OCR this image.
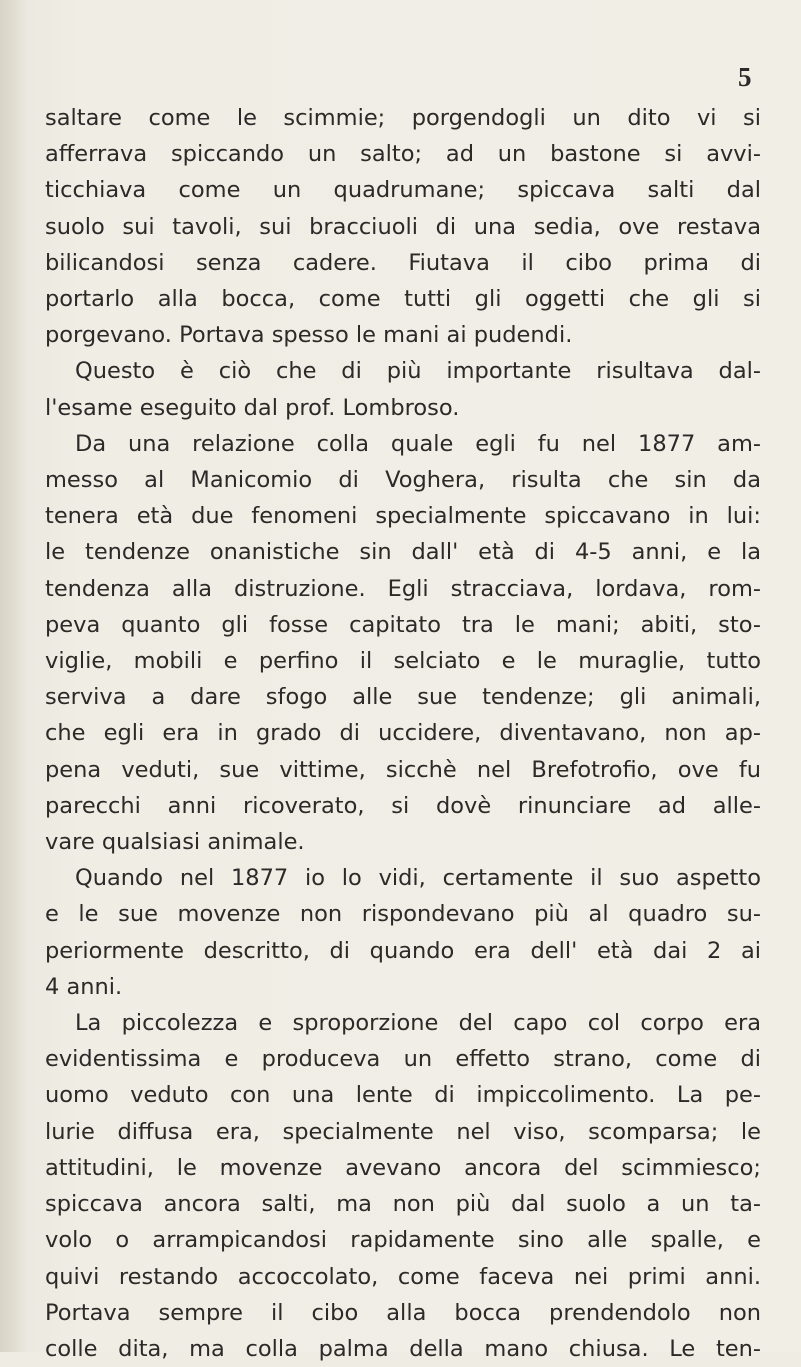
5

saltare come le scimmie; porgendogli un dito vi si
afferrava spiccando un salto; ad un bastone si avvi-
ticchiava come un quadrumane; spiccava salti dal
suolo sui tavoli, sui bracciuoli di una sedia, ove restava
bilicandosi senza cadere. Fiutava il cibo prima di
portarlo alla bocca, come tutti gli oggetti che gli si
porgevano. Portava spesso le mani ai pudendi.
Questo è ciò che di più importante risultava dal-
l'esame eseguito dal prof. Lombroso.
Da una relazione colla quale egli fu nel 1877 am-
messo al Manicomio di Voghera, risulta che sin da
tenera età due fenomeni specialmente spiccavano in lui:
le tendenze onanistiche sin dall' età di 4-5 anni, e la
tendenza alla distruzione. Egli stracciava, lordava, rom-
peva quanto gli fosse capitato tra le mani; abiti, sto-
viglie, mobili e perfino il selciato e le muraglie, tutto
serviva a dare sfogo alle sue tendenze; gli animali,
che egli era in grado di uccidere, diventavano, non ap-
pena veduti, sue vittime, sicchè nel Brefotrofio, ove fu
parecchi anni ricoverato, si dovè rinunciare ad alle-
vare qualsiasi animale.
Quando nel 1877 io lo vidi, certamente il suo aspetto
e le sue movenze non rispondevano più al quadro su-
periormente descritto, di quando era dell' età dai 2 ai
4 anni.
La piccolezza e sproporzione del capo col corpo era
evidentissima e produceva un effetto strano, come di
uomo veduto con una lente di impiccolimento. La pe-
lurie diffusa era, specialmente nel viso, scomparsa; le
attitudini, le movenze avevano ancora del scimmiesco;
spiccava ancora salti, ma non più dal suolo a un ta-
volo o arrampicandosi rapidamente sino alle spalle, e
quivi restando accoccolato, come faceva nei primi anni.
Portava sempre il cibo alla bocca prendendolo non
colle dita, ma colla palma della mano chiusa. Le ten-
